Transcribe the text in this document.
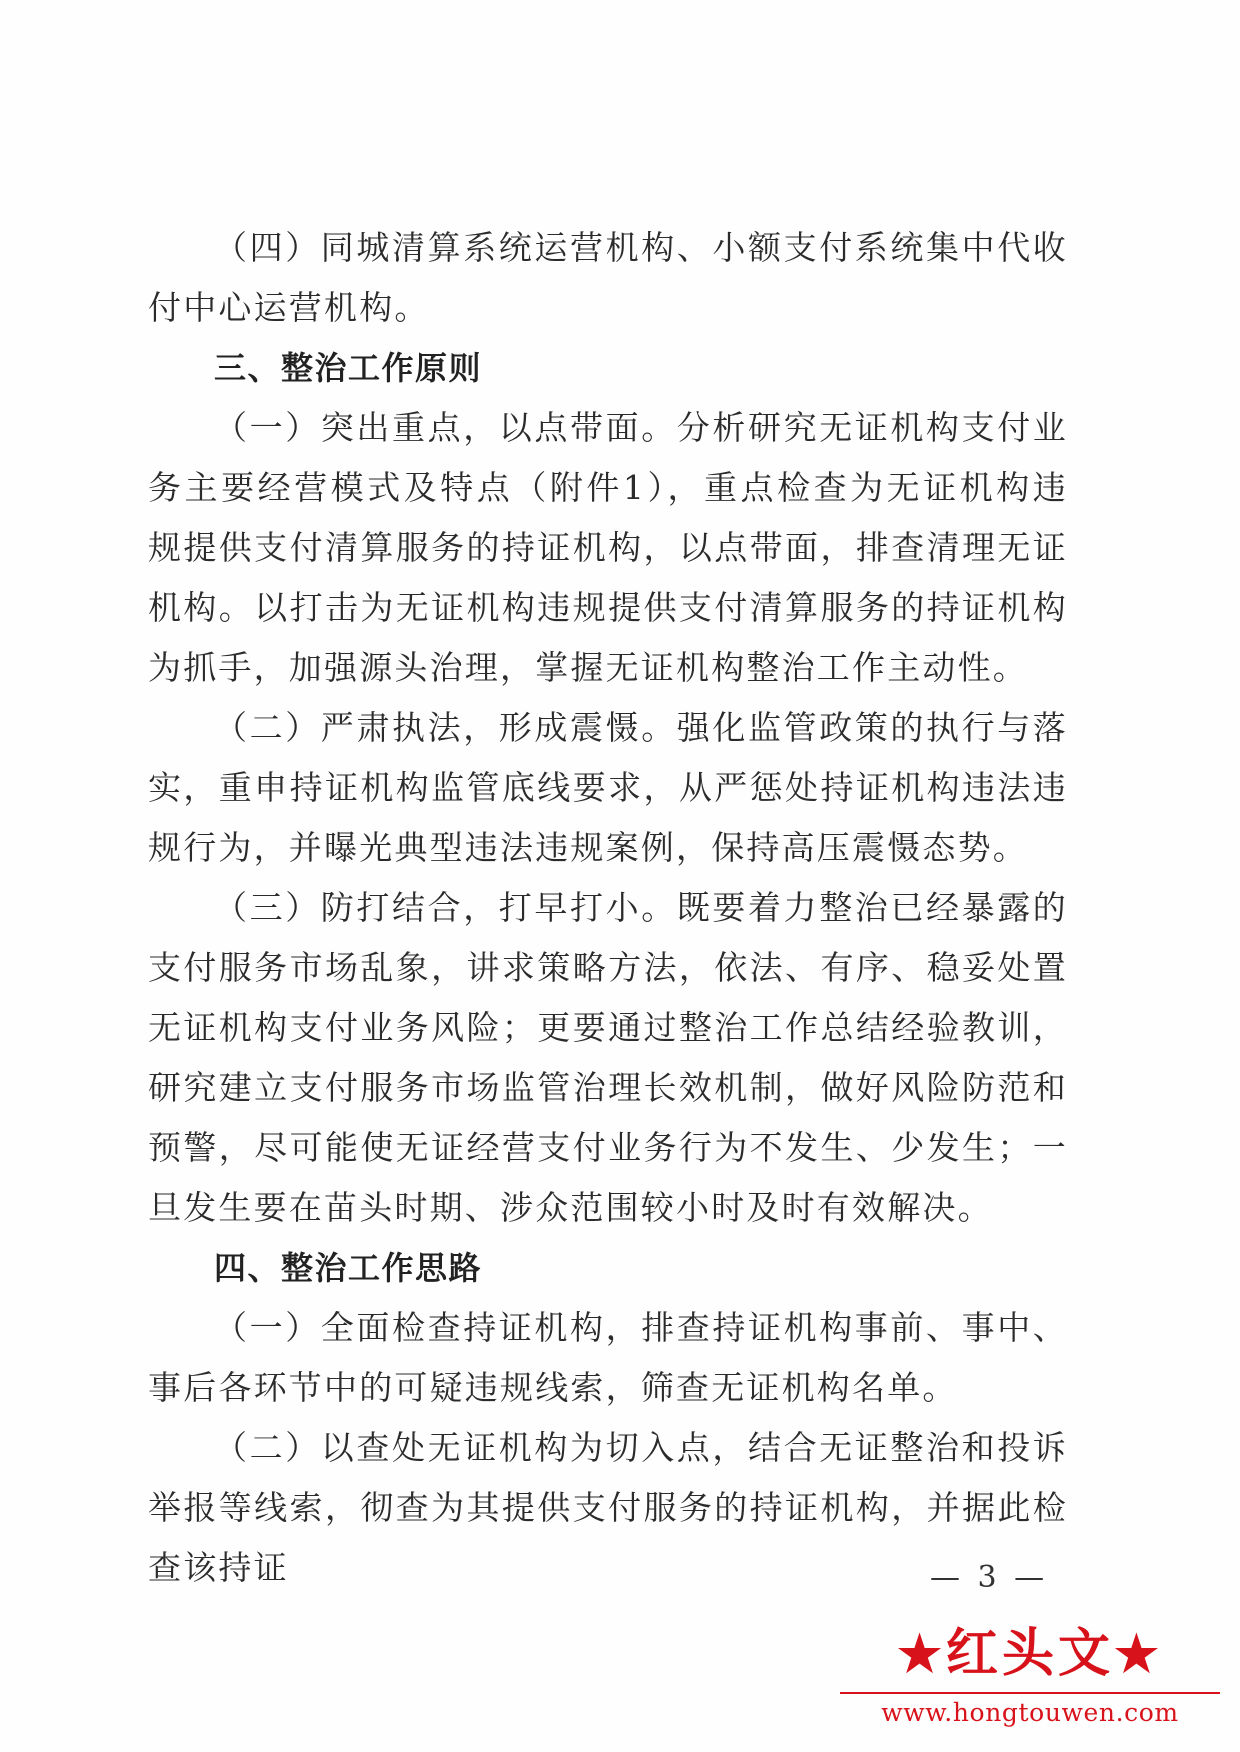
（四）同城清算系统运营机构、小额支付系统集中代收付中心运营机构。

三、整治工作原则

（一）突出重点，以点带面。分析研究无证机构支付业务主要经营模式及特点（附件1），重点检查为无证机构违规提供支付清算服务的持证机构，以点带面，排查清理无证机构。以打击为无证机构违规提供支付清算服务的持证机构为抓手，加强源头治理，掌握无证机构整治工作主动性。

（二）严肃执法，形成震慑。强化监管政策的执行与落实，重申持证机构监管底线要求，从严惩处持证机构违法违规行为，并曝光典型违法违规案例，保持高压震慑态势。

（三）防打结合，打早打小。既要着力整治已经暴露的支付服务市场乱象，讲求策略方法，依法、有序、稳妥处置无证机构支付业务风险；更要通过整治工作总结经验教训，研究建立支付服务市场监管治理长效机制，做好风险防范和预警，尽可能使无证经营支付业务行为不发生、少发生；一旦发生要在苗头时期、涉众范围较小时及时有效解决。

四、整治工作思路

（一）全面检查持证机构，排查持证机构事前、事中、事后各环节中的可疑违规线索，筛查无证机构名单。

（二）以查处无证机构为切入点，结合无证整治和投诉举报等线索，彻查为其提供支付服务的持证机构，并据此检查该持证	— 3 —
★红头文★
www.hongtouwen.com
